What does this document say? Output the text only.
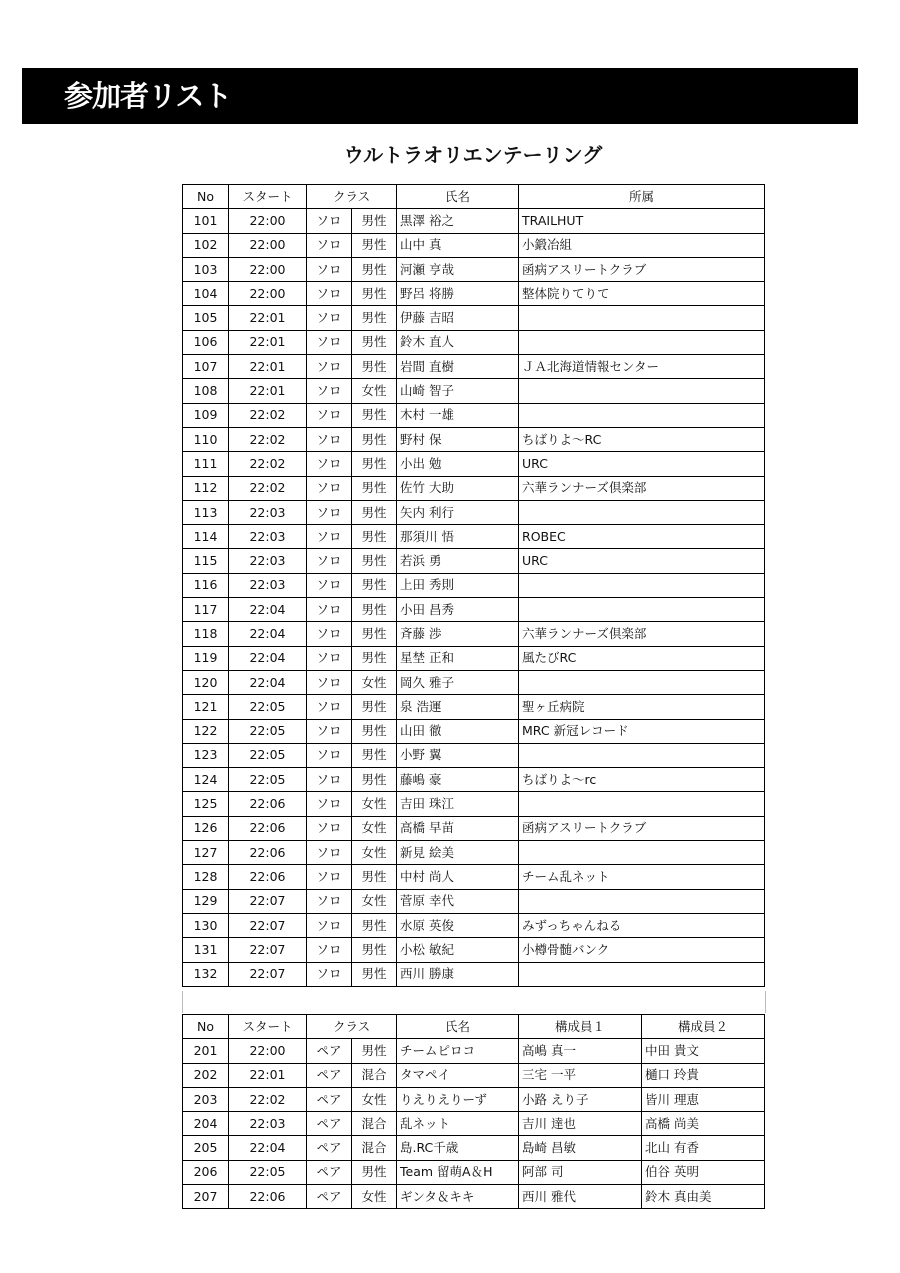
参加者リスト
ウルトラオリエンテーリング
No	スタート	クラス		氏名	所属
101	22:00	ソロ	男性	黒澤 裕之	TRAILHUT
102	22:00	ソロ	男性	山中 真	小鍛冶組
103	22:00	ソロ	男性	河瀬 亨哉	函病アスリートクラブ
104	22:00	ソロ	男性	野呂 将勝	整体院りてりて
105	22:01	ソロ	男性	伊藤 吉昭	
106	22:01	ソロ	男性	鈴木 直人	
107	22:01	ソロ	男性	岩間 直樹	ＪＡ北海道情報センター
108	22:01	ソロ	女性	山崎 智子	
109	22:02	ソロ	男性	木村 一雄	
110	22:02	ソロ	男性	野村 保	ちばりよ～RC
111	22:02	ソロ	男性	小出 勉	URC
112	22:02	ソロ	男性	佐竹 大助	六華ランナーズ倶楽部
113	22:03	ソロ	男性	矢内 利行	
114	22:03	ソロ	男性	那須川 悟	ROBEC
115	22:03	ソロ	男性	若浜 勇	URC
116	22:03	ソロ	男性	上田 秀則	
117	22:04	ソロ	男性	小田 昌秀	
118	22:04	ソロ	男性	斉藤 渉	六華ランナーズ倶楽部
119	22:04	ソロ	男性	星埜 正和	風たびRC
120	22:04	ソロ	女性	岡久 雅子	
121	22:05	ソロ	男性	泉 浩運	聖ヶ丘病院
122	22:05	ソロ	男性	山田 徹	MRC 新冠レコード
123	22:05	ソロ	男性	小野 翼	
124	22:05	ソロ	男性	藤嶋 豪	ちばりよ～rc
125	22:06	ソロ	女性	吉田 珠江	
126	22:06	ソロ	女性	高橋 早苗	函病アスリートクラブ
127	22:06	ソロ	女性	新見 絵美	
128	22:06	ソロ	男性	中村 尚人	チーム乱ネット
129	22:07	ソロ	女性	菅原 幸代	
130	22:07	ソロ	男性	水原 英俊	みずっちゃんねる
131	22:07	ソロ	男性	小松 敏紀	小樽骨髄バンク
132	22:07	ソロ	男性	西川 勝康	
No	スタート	クラス		氏名	構成員１	構成員２
201	22:00	ペア	男性	チームピロコ	高嶋 真一	中田 貴文
202	22:01	ペア	混合	タマペイ	三宅 一平	樋口 玲貴
203	22:02	ペア	女性	りえりえりーず	小路 えり子	皆川 理恵
204	22:03	ペア	混合	乱ネット	吉川 達也	高橋 尚美
205	22:04	ペア	混合	島.RC千歳	島崎 昌敏	北山 有香
206	22:05	ペア	男性	Team 留萌A＆H	阿部 司	伯谷 英明
207	22:06	ペア	女性	ギンタ＆キキ	西川 雅代	鈴木 真由美
